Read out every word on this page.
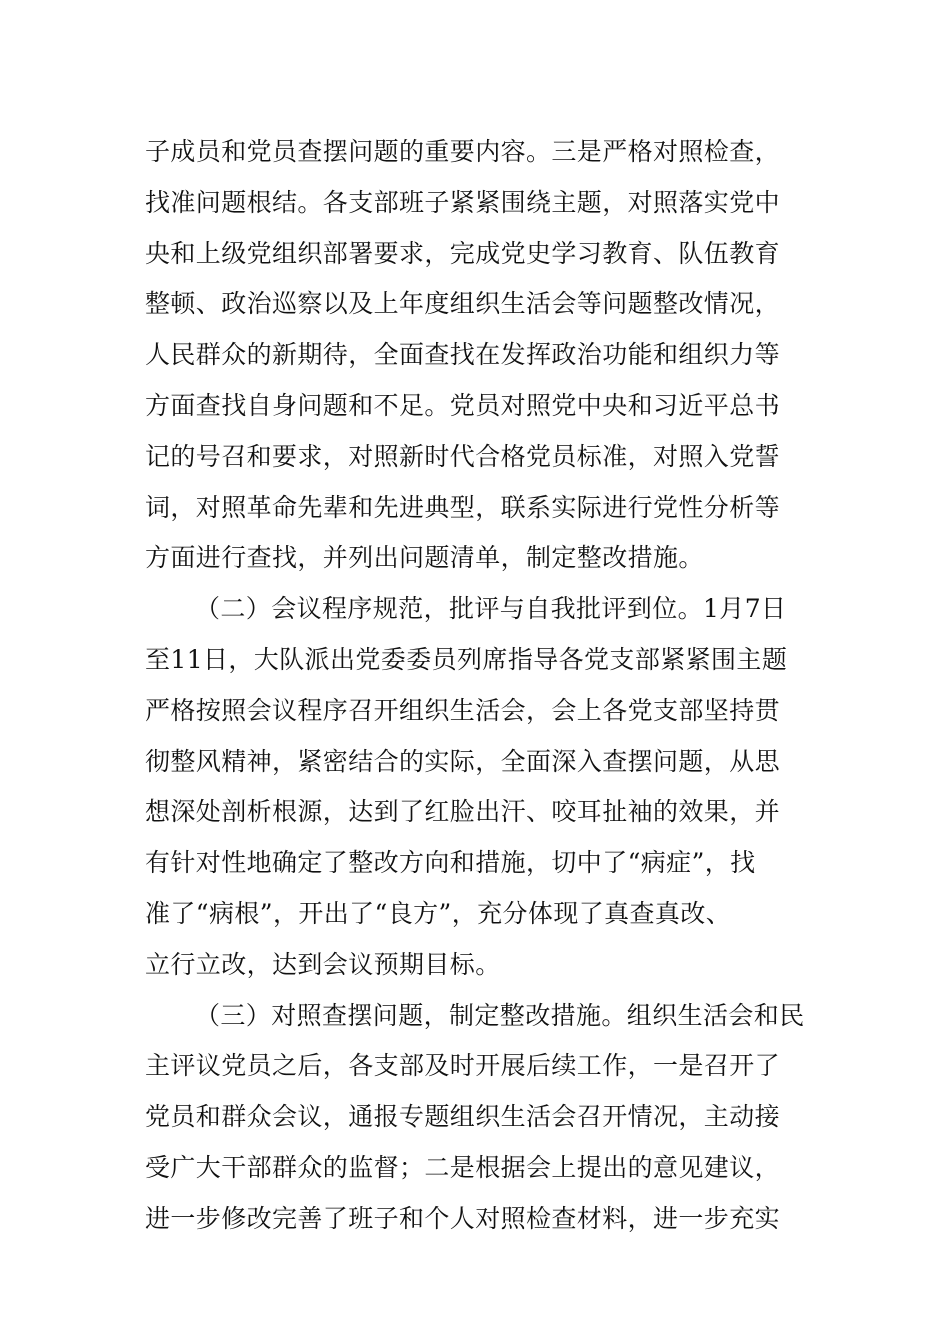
子成员和党员查摆问题的重要内容。三是严格对照检查，
找准问题根结。各支部班子紧紧围绕主题，对照落实党中
央和上级党组织部署要求，完成党史学习教育、队伍教育
整顿、政治巡察以及上年度组织生活会等问题整改情况，
人民群众的新期待，全面查找在发挥政治功能和组织力等
方面查找自身问题和不足。党员对照党中央和习近平总书
记的号召和要求，对照新时代合格党员标准，对照入党誓
词，对照革命先辈和先进典型，联系实际进行党性分析等
方面进行查找，并列出问题清单，制定整改措施。
（二）会议程序规范，批评与自我批评到位。1月7日
至11日，大队派出党委委员列席指导各党支部紧紧围主题
严格按照会议程序召开组织生活会，会上各党支部坚持贯
彻整风精神，紧密结合的实际，全面深入查摆问题，从思
想深处剖析根源，达到了红脸出汗、咬耳扯袖的效果，并
有针对性地确定了整改方向和措施，切中了“病症”，找
准了“病根”，开出了“良方”，充分体现了真查真改、
立行立改，达到会议预期目标。
（三）对照查摆问题，制定整改措施。组织生活会和民
主评议党员之后，各支部及时开展后续工作，一是召开了
党员和群众会议，通报专题组织生活会召开情况，主动接
受广大干部群众的监督；二是根据会上提出的意见建议，
进一步修改完善了班子和个人对照检查材料，进一步充实
